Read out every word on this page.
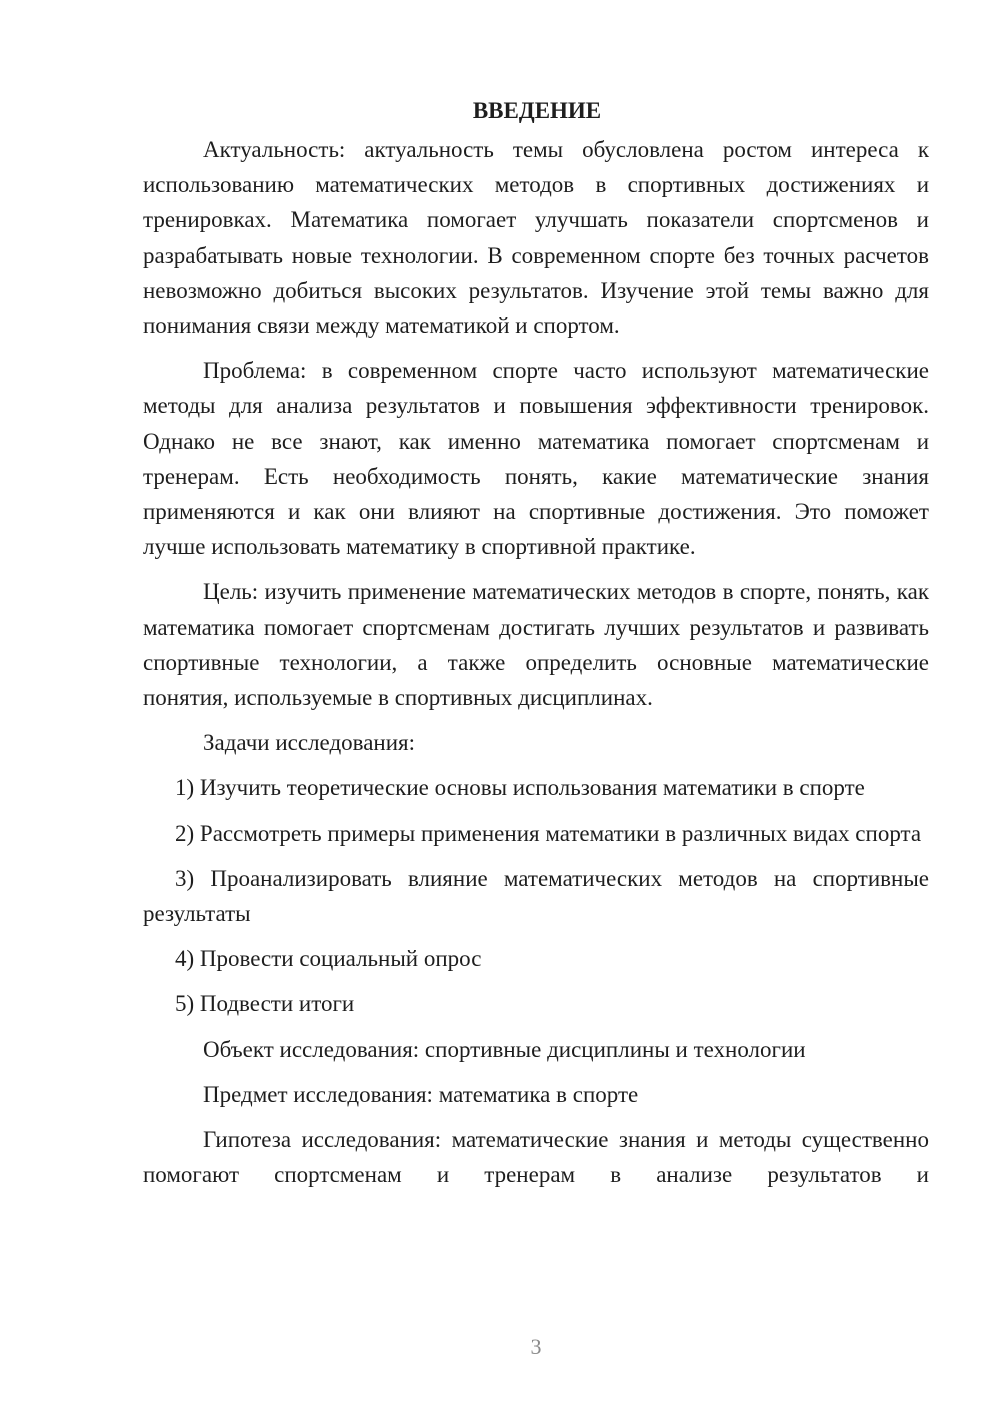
ВВЕДЕНИЕ

Актуальность: актуальность темы обусловлена ростом интереса к использованию математических методов в спортивных достижениях и тренировках. Математика помогает улучшать показатели спортсменов и разрабатывать новые технологии. В современном спорте без точных расчетов невозможно добиться высоких результатов. Изучение этой темы важно для понимания связи между математикой и спортом.

Проблема: в современном спорте часто используют математические методы для анализа результатов и повышения эффективности тренировок. Однако не все знают, как именно математика помогает спортсменам и тренерам. Есть необходимость понять, какие математические знания применяются и как они влияют на спортивные достижения. Это поможет лучше использовать математику в спортивной практике.

Цель: изучить применение математических методов в спорте, понять, как математика помогает спортсменам достигать лучших результатов и развивать спортивные технологии, а также определить основные математические понятия, используемые в спортивных дисциплинах.

Задачи исследования:

1) Изучить теоретические основы использования математики в спорте

2) Рассмотреть примеры применения математики в различных видах спорта

3) Проанализировать влияние математических методов на спортивные результаты

4) Провести социальный опрос

5) Подвести итоги

Объект исследования: спортивные дисциплины и технологии

Предмет исследования: математика в спорте

Гипотеза исследования: математические знания и методы существенно помогают спортсменам и тренерам в анализе результатов и

3
